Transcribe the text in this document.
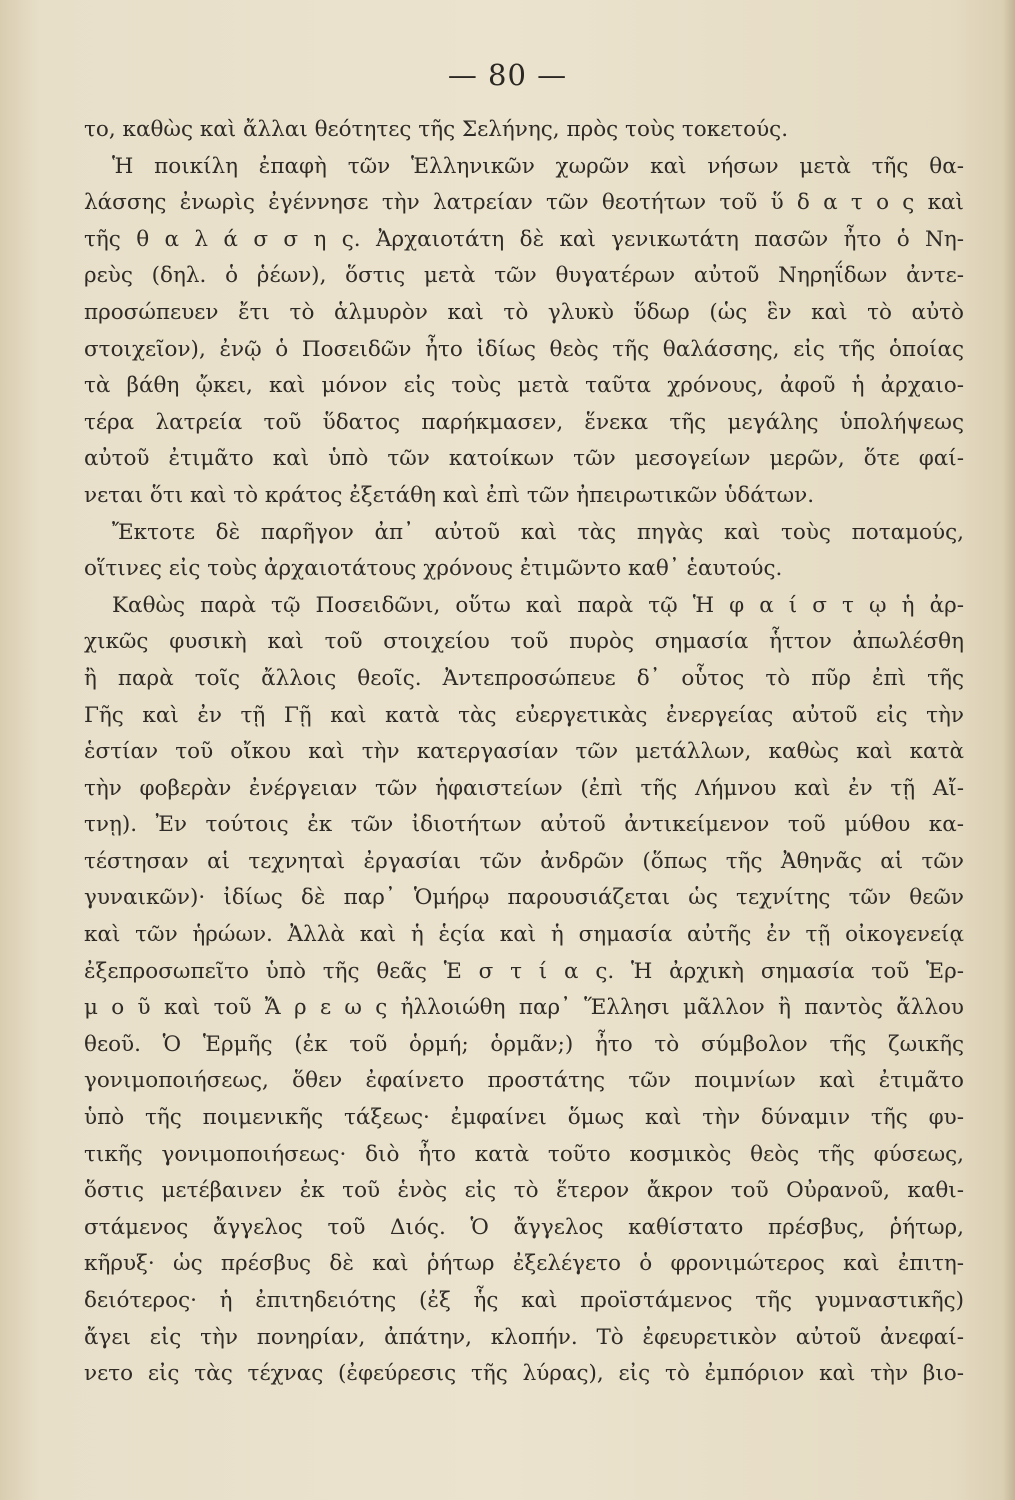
— 80 —
το, καθὼς καὶ ἄλλαι θεότητες τῆς Σελήνης, πρὸς τοὺς τοκετούς.
Ἡ ποικίλη ἐπαφὴ τῶν Ἑλληνικῶν χωρῶν καὶ νήσων μετὰ τῆς θα-
λάσσης ἐνωρὶς ἐγέννησε τὴν λατρείαν τῶν θεοτήτων τοῦ ὕ δ α τ ο ς καὶ
τῆς θ α λ ά σ σ η ς. Ἀρχαιοτάτη δὲ καὶ γενικωτάτη πασῶν ἦτο ὁ Νη-
ρεὺς (δηλ. ὁ ῥέων), ὅστις μετὰ τῶν θυγατέρων αὐτοῦ Νηρηΐδων ἀντε-
προσώπευεν ἔτι τὸ ἁλμυρὸν καὶ τὸ γλυκὺ ὕδωρ (ὡς ἓν καὶ τὸ αὐτὸ
στοιχεῖον), ἐνῷ ὁ Ποσειδῶν ἦτο ἰδίως θεὸς τῆς θαλάσσης, εἰς τῆς ὁποίας
τὰ βάθη ᾤκει, καὶ μόνον εἰς τοὺς μετὰ ταῦτα χρόνους, ἀφοῦ ἡ ἀρχαιο-
τέρα λατρεία τοῦ ὕδατος παρήκμασεν, ἕνεκα τῆς μεγάλης ὑπολήψεως
αὐτοῦ ἐτιμᾶτο καὶ ὑπὸ τῶν κατοίκων τῶν μεσογείων μερῶν, ὅτε φαί-
νεται ὅτι καὶ τὸ κράτος ἐξετάθη καὶ ἐπὶ τῶν ἠπειρωτικῶν ὑδάτων.
Ἔκτοτε δὲ παρῆγον ἀπ᾽ αὐτοῦ καὶ τὰς πηγὰς καὶ τοὺς ποταμούς,
οἵτινες εἰς τοὺς ἀρχαιοτάτους χρόνους ἐτιμῶντο καθ᾽ ἑαυτούς.
Καθὼς παρὰ τῷ Ποσειδῶνι, οὕτω καὶ παρὰ τῷ Ἡ φ α ί σ τ ῳ ἡ ἀρ-
χικῶς φυσικὴ καὶ τοῦ στοιχείου τοῦ πυρὸς σημασία ἧττον ἀπωλέσθη
ἢ παρὰ τοῖς ἄλλοις θεοῖς. Ἀντεπροσώπευε δ᾽ οὗτος τὸ πῦρ ἐπὶ τῆς
Γῆς καὶ ἐν τῇ Γῇ καὶ κατὰ τὰς εὐεργετικὰς ἐνεργείας αὐτοῦ εἰς τὴν
ἑστίαν τοῦ οἴκου καὶ τὴν κατεργασίαν τῶν μετάλλων, καθὼς καὶ κατὰ
τὴν φοβερὰν ἐνέργειαν τῶν ἡφαιστείων (ἐπὶ τῆς Λήμνου καὶ ἐν τῇ Αἴ-
τνῃ). Ἐν τούτοις ἐκ τῶν ἰδιοτήτων αὐτοῦ ἀντικείμενον τοῦ μύθου κα-
τέστησαν αἱ τεχνηταὶ ἐργασίαι τῶν ἀνδρῶν (ὅπως τῆς Ἀθηνᾶς αἱ τῶν
γυναικῶν)· ἰδίως δὲ παρ᾽ Ὁμήρῳ παρουσιάζεται ὡς τεχνίτης τῶν θεῶν
καὶ τῶν ἡρώων. Ἀλλὰ καὶ ἡ ἑςία καὶ ἡ σημασία αὐτῆς ἐν τῇ οἰκογενείᾳ
ἐξεπροσωπεῖτο ὑπὸ τῆς θεᾶς Ἑ σ τ ί α ς. Ἡ ἀρχικὴ σημασία τοῦ Ἑρ-
μ ο ῦ καὶ τοῦ Ἄ ρ ε ω ς ἠλλοιώθη παρ᾽ Ἕλλησι μᾶλλον ἢ παντὸς ἄλλου
θεοῦ. Ὁ Ἑρμῆς (ἐκ τοῦ ὁρμή; ὁρμᾶν;) ἦτο τὸ σύμβολον τῆς ζωικῆς
γονιμοποιήσεως, ὅθεν ἐφαίνετο προστάτης τῶν ποιμνίων καὶ ἐτιμᾶτο
ὑπὸ τῆς ποιμενικῆς τάξεως· ἐμφαίνει ὅμως καὶ τὴν δύναμιν τῆς φυ-
τικῆς γονιμοποιήσεως· διὸ ἦτο κατὰ τοῦτο κοσμικὸς θεὸς τῆς φύσεως,
ὅστις μετέβαινεν ἐκ τοῦ ἑνὸς εἰς τὸ ἕτερον ἄκρον τοῦ Οὐρανοῦ, καθι-
στάμενος ἄγγελος τοῦ Διός. Ὁ ἄγγελος καθίστατο πρέσβυς, ῥήτωρ,
κῆρυξ· ὡς πρέσβυς δὲ καὶ ῥήτωρ ἐξελέγετο ὁ φρονιμώτερος καὶ ἐπιτη-
δειότερος· ἡ ἐπιτηδειότης (ἐξ ἧς καὶ προϊστάμενος τῆς γυμναστικῆς)
ἄγει εἰς τὴν πονηρίαν, ἀπάτην, κλοπήν. Τὸ ἐφευρετικὸν αὐτοῦ ἀνεφαί-
νετο εἰς τὰς τέχνας (ἐφεύρεσις τῆς λύρας), εἰς τὸ ἐμπόριον καὶ τὴν βιο-
